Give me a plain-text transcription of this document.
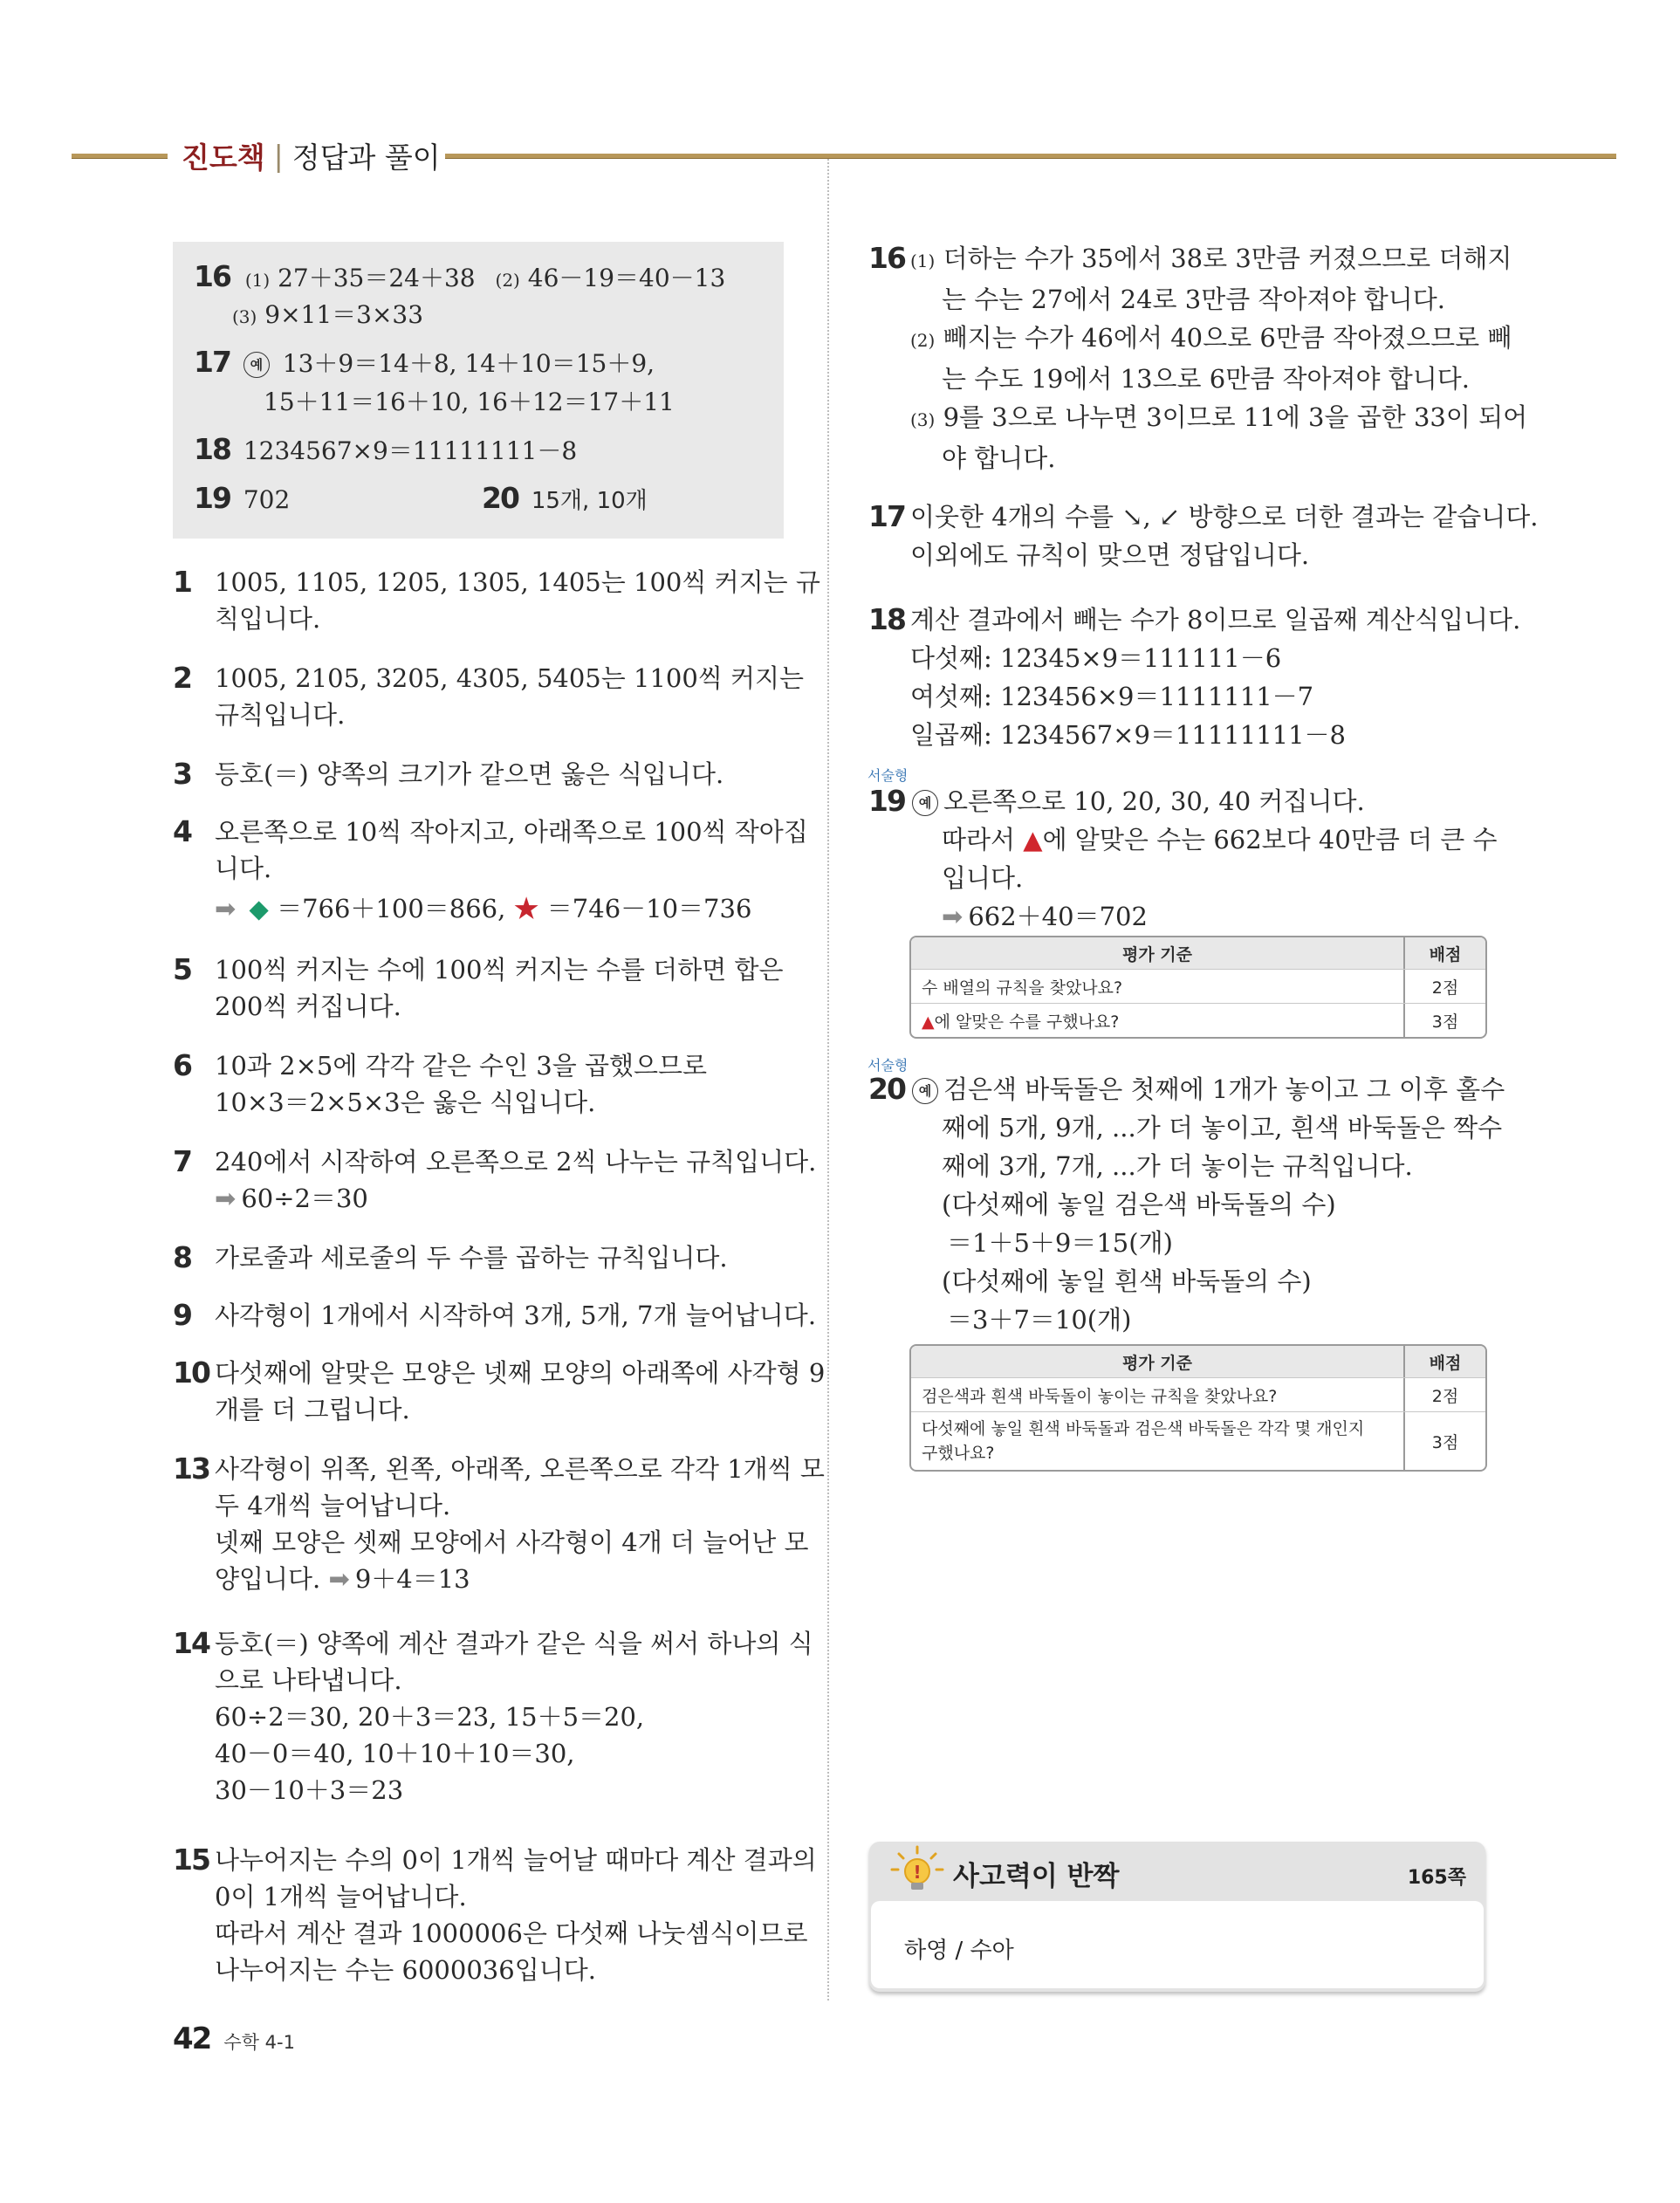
진도책 | 정답과 풀이
16 (1) 27＋35＝24＋38 (2) 46－19＝40－13
(3) 9×11＝3×33
17 예 13＋9＝14＋8, 14＋10＝15＋9,
15＋11＝16＋10, 16＋12＝17＋11
18 1234567×9＝11111111－8
19 702	20 15개, 10개
1 1005, 1105, 1205, 1305, 1405는 100씩 커지는 규
칙입니다.
2 1005, 2105, 3205, 4305, 5405는 1100씩 커지는
규칙입니다.
3 등호(＝) 양쪽의 크기가 같으면 옳은 식입니다.
4 오른쪽으로 10씩 작아지고, 아래쪽으로 100씩 작아집
니다.
➡ ◆ ＝766＋100＝866, ★ ＝746－10＝736
5 100씩 커지는 수에 100씩 커지는 수를 더하면 합은
200씩 커집니다.
6 10과 2×5에 각각 같은 수인 3을 곱했으므로
10×3＝2×5×3은 옳은 식입니다.
7 240에서 시작하여 오른쪽으로 2씩 나누는 규칙입니다.
➡ 60÷2＝30
8 가로줄과 세로줄의 두 수를 곱하는 규칙입니다.
9 사각형이 1개에서 시작하여 3개, 5개, 7개 늘어납니다.
10 다섯째에 알맞은 모양은 넷째 모양의 아래쪽에 사각형 9
개를 더 그립니다.
13 사각형이 위쪽, 왼쪽, 아래쪽, 오른쪽으로 각각 1개씩 모
두 4개씩 늘어납니다.
넷째 모양은 셋째 모양에서 사각형이 4개 더 늘어난 모
양입니다. ➡ 9＋4＝13
14 등호(＝) 양쪽에 계산 결과가 같은 식을 써서 하나의 식
으로 나타냅니다.
60÷2＝30, 20＋3＝23, 15＋5＝20,
40－0＝40, 10＋10＋10＝30,
30－10＋3＝23
15 나누어지는 수의 0이 1개씩 늘어날 때마다 계산 결과의
0이 1개씩 늘어납니다.
따라서 계산 결과 1000006은 다섯째 나눗셈식이므로
나누어지는 수는 6000036입니다.
16 (1) 더하는 수가 35에서 38로 3만큼 커졌으므로 더해지
는 수는 27에서 24로 3만큼 작아져야 합니다.
(2) 빼지는 수가 46에서 40으로 6만큼 작아졌으므로 빼
는 수도 19에서 13으로 6만큼 작아져야 합니다.
(3) 9를 3으로 나누면 3이므로 11에 3을 곱한 33이 되어
야 합니다.
17 이웃한 4개의 수를 ↘, ↙ 방향으로 더한 결과는 같습니다.
이외에도 규칙이 맞으면 정답입니다.
18 계산 결과에서 빼는 수가 8이므로 일곱째 계산식입니다.
다섯째: 12345×9＝111111－6
여섯째: 123456×9＝1111111－7
일곱째: 1234567×9＝11111111－8
서술형
19	예 오른쪽으로 10, 20, 30, 40 커집니다.
따라서 ▲에 알맞은 수는 662보다 40만큼 더 큰 수
입니다.
➡ 662＋40＝702
평가 기준	배점
수 배열의 규칙을 찾았나요?	2점
▲에 알맞은 수를 구했나요?	3점
서술형
20	예 검은색 바둑돌은 첫째에 1개가 놓이고 그 이후 홀수
째에 5개, 9개, ...가 더 놓이고, 흰색 바둑돌은 짝수
째에 3개, 7개, ...가 더 놓이는 규칙입니다.
(다섯째에 놓일 검은색 바둑돌의 수)
＝1＋5＋9＝15(개)
(다섯째에 놓일 흰색 바둑돌의 수)
＝3＋7＝10(개)
평가 기준	배점
검은색과 흰색 바둑돌이 놓이는 규칙을 찾았나요?	2점
다섯째에 놓일 흰색 바둑돌과 검은색 바둑돌은 각각 몇 개인지
구했나요?
3점
! 사고력이 반짝	165쪽
하영 / 수아
42 수학 4-1
